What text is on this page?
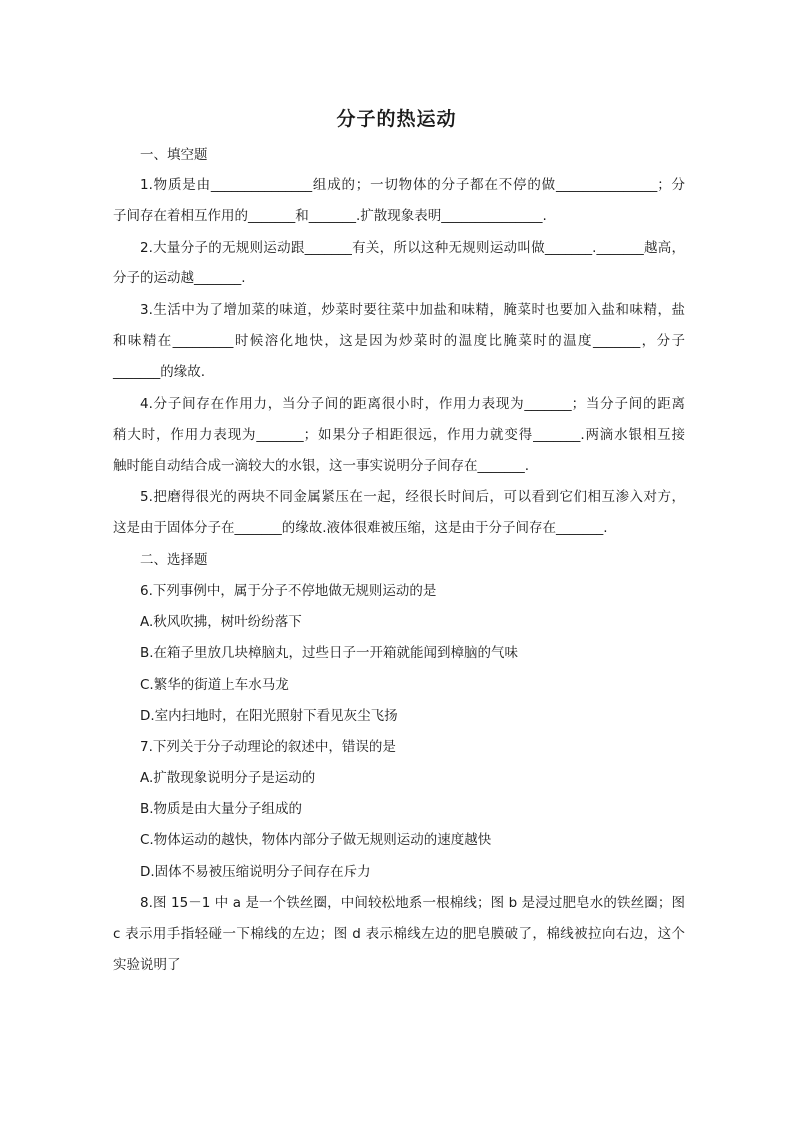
分子的热运动
一、填空题
1.物质是由_______________组成的；一切物体的分子都在不停的做_______________；分
子间存在着相互作用的_______和_______.扩散现象表明_______________.
2.大量分子的无规则运动跟_______有关，所以这种无规则运动叫做_______._______越高，
分子的运动越_______.
3.生活中为了增加菜的味道，炒菜时要往菜中加盐和味精，腌菜时也要加入盐和味精，盐
和味精在_________时候溶化地快，这是因为炒菜时的温度比腌菜时的温度_______，分子
_______的缘故.
4.分子间存在作用力，当分子间的距离很小时，作用力表现为_______；当分子间的距离
稍大时，作用力表现为_______；如果分子相距很远，作用力就变得_______.两滴水银相互接
触时能自动结合成一滴较大的水银，这一事实说明分子间存在_______.
5.把磨得很光的两块不同金属紧压在一起，经很长时间后，可以看到它们相互渗入对方，
这是由于固体分子在_______的缘故.液体很难被压缩，这是由于分子间存在_______.
二、选择题
6.下列事例中，属于分子不停地做无规则运动的是
A.秋风吹拂，树叶纷纷落下
B.在箱子里放几块樟脑丸，过些日子一开箱就能闻到樟脑的气味
C.繁华的街道上车水马龙
D.室内扫地时，在阳光照射下看见灰尘飞扬
7.下列关于分子动理论的叙述中，错误的是
A.扩散现象说明分子是运动的
B.物质是由大量分子组成的
C.物体运动的越快，物体内部分子做无规则运动的速度越快
D.固体不易被压缩说明分子间存在斥力
8.图 15－1 中 a 是一个铁丝圈，中间较松地系一根棉线；图 b 是浸过肥皂水的铁丝圈；图
c 表示用手指轻碰一下棉线的左边；图 d 表示棉线左边的肥皂膜破了，棉线被拉向右边，这个
实验说明了
